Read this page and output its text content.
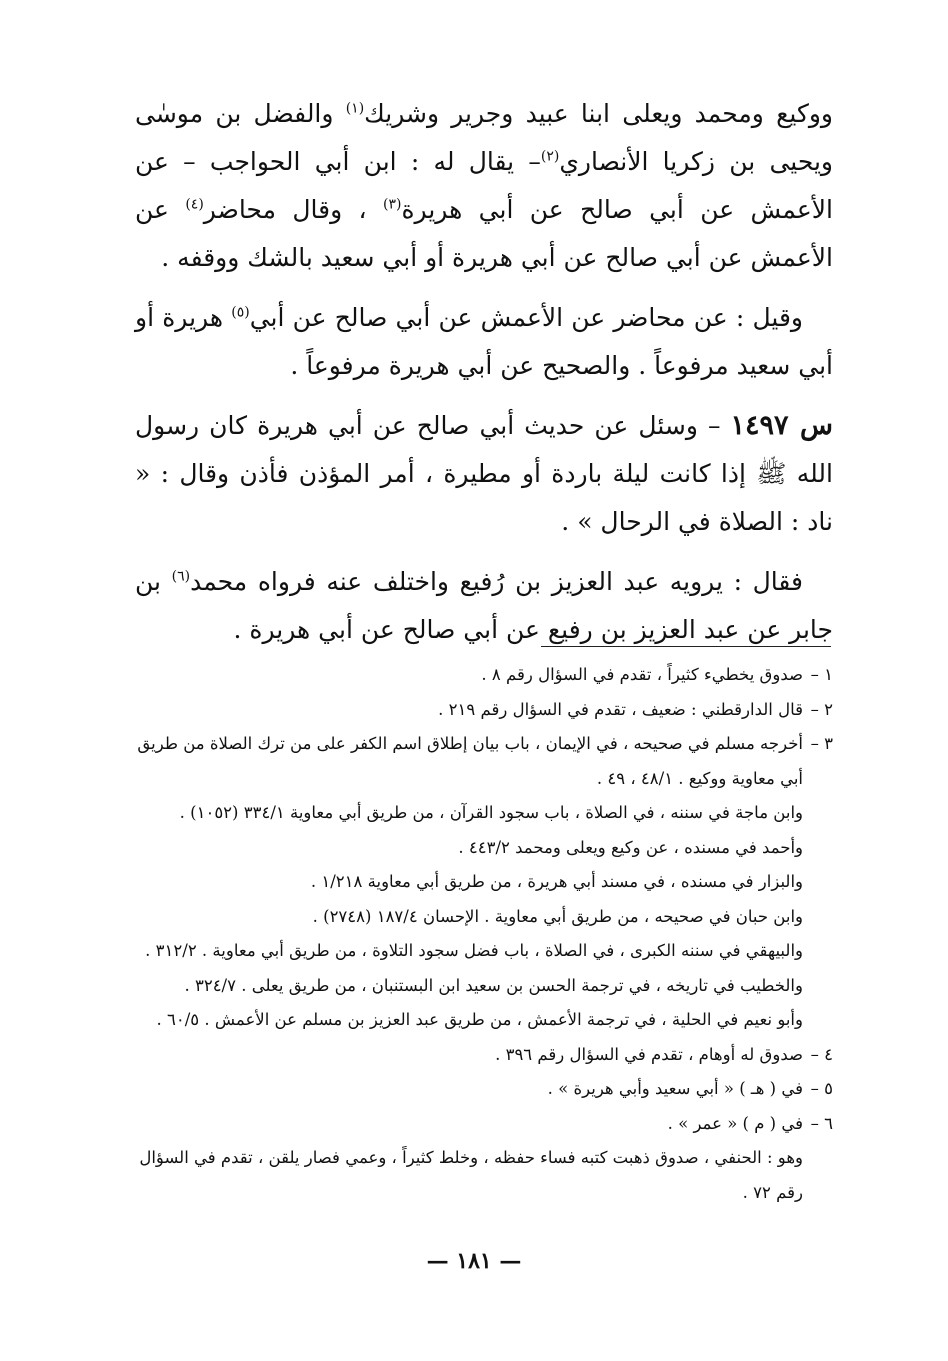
ووكيع ومحمد ويعلى ابنا عبيد وجرير وشريك$^{(١)}$ والفضل بن موسٰى ويحيى بن زكريا الأنصاري$^{(٢)}$– يقال له : ابن أبي الحواجب – عن الأعمش عن أبي صالح عن أبي هريرة$^{(٣)}$ ، وقال محاضر$^{(٤)}$ عن الأعمش عن أبي صالح عن أبي هريرة أو أبي سعيد بالشك ووقفه .

وقيل : عن محاضر عن الأعمش عن أبي صالح عن أبي$^{(٥)}$ هريرة أو أبي سعيد مرفوعاً . والصحيح عن أبي هريرة مرفوعاً .

س ١٤٩٧ – وسئل عن حديث أبي صالح عن أبي هريرة كان رسول الله ﷺ إذا كانت ليلة باردة أو مطيرة ، أمر المؤذن فأذن وقال : « ناد : الصلاة في الرحال » .

فقال : يرويه عبد العزيز بن رُفيع واختلف عنه فرواه محمد$^{(٦)}$ بن جابر عن عبد العزيز بن رفيع عن أبي صالح عن أبي هريرة .

١ –
صدوق يخطيء كثيراً ، تقدم في السؤال رقم ٨ .
٢ –
قال الدارقطني : ضعيف ، تقدم في السؤال رقم ٢١٩ .
٣ –
أخرجه مسلم في صحيحه ، في الإيمان ، باب بيان إطلاق اسم الكفر على من ترك الصلاة من طريق أبي معاوية ووكيع . ٤٨/١ ، ٤٩ .
وابن ماجة في سننه ، في الصلاة ، باب سجود القرآن ، من طريق أبي معاوية ٣٣٤/١ (١٠٥٢) .
وأحمد في مسنده ، عن وكيع ويعلى ومحمد ٤٤٣/٢ .
والبزار في مسنده ، في مسند أبي هريرة ، من طريق أبي معاوية ١/٢١٨ .
وابن حبان في صحيحه ، من طريق أبي معاوية . الإحسان ١٨٧/٤ (٢٧٤٨) .
والبيهقي في سننه الكبرى ، في الصلاة ، باب فضل سجود التلاوة ، من طريق أبي معاوية . ٣١٢/٢ .
والخطيب في تاريخه ، في ترجمة الحسن بن سعيد ابن البستنبان ، من طريق يعلى . ٣٢٤/٧ .
وأبو نعيم في الحلية ، في ترجمة الأعمش ، من طريق عبد العزيز بن مسلم عن الأعمش . ٦٠/٥ .
٤ –
صدوق له أوهام ، تقدم في السؤال رقم ٣٩٦ .
٥ –
في ( هـ ) « أبي سعيد وأبي هريرة » .
٦ –
في ( م ) « عمر » .
وهو : الحنفي ، صدوق ذهبت كتبه فساء حفظه ، وخلط كثيراً ، وعمي فصار يلقن ، تقدم في السؤال رقم ٧٢ .
— ١٨١ —
